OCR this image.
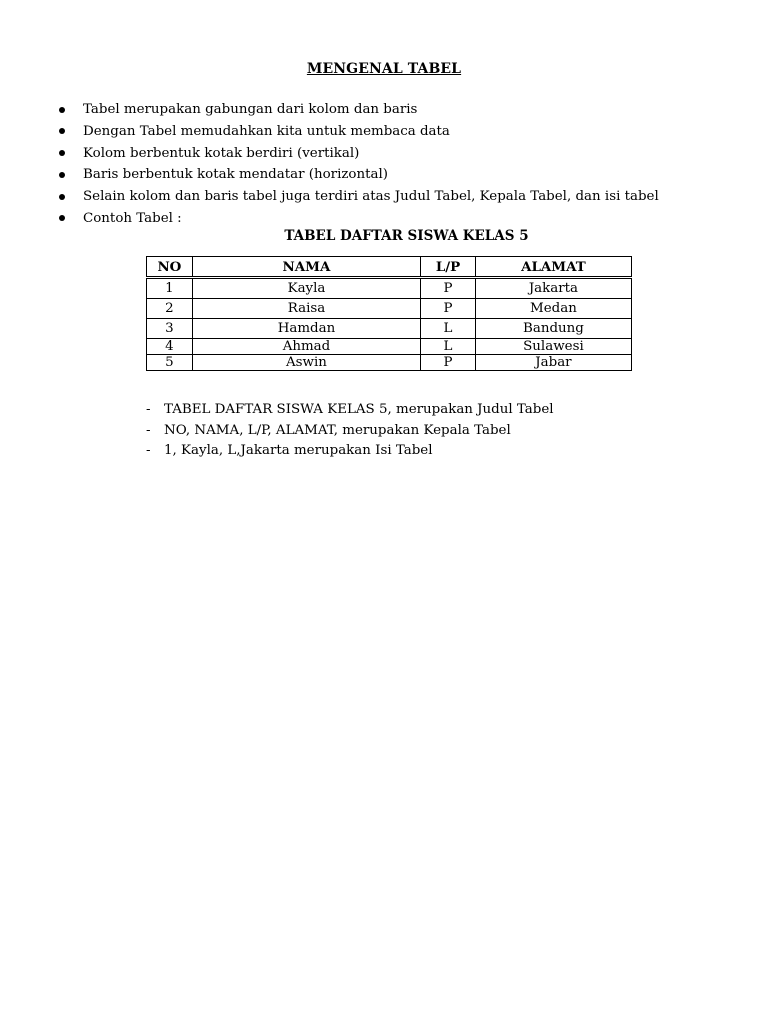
MENGENAL TABEL
Tabel merupakan gabungan dari kolom dan baris
Dengan Tabel memudahkan kita untuk membaca data
Kolom berbentuk kotak berdiri (vertikal)
Baris berbentuk kotak mendatar (horizontal)
Selain kolom dan baris tabel juga terdiri atas Judul Tabel, Kepala Tabel, dan isi tabel
Contoh Tabel :
TABEL DAFTAR SISWA KELAS 5
NO	NAMA	L/P	ALAMAT
1	Kayla	P	Jakarta
2	Raisa	P	Medan
3	Hamdan	L	Bandung
4	Ahmad	L	Sulawesi
5	Aswin	P	Jabar
- TABEL DAFTAR SISWA KELAS 5, merupakan Judul Tabel
- NO, NAMA, L/P, ALAMAT, merupakan Kepala Tabel
- 1, Kayla, L,Jakarta merupakan Isi Tabel
